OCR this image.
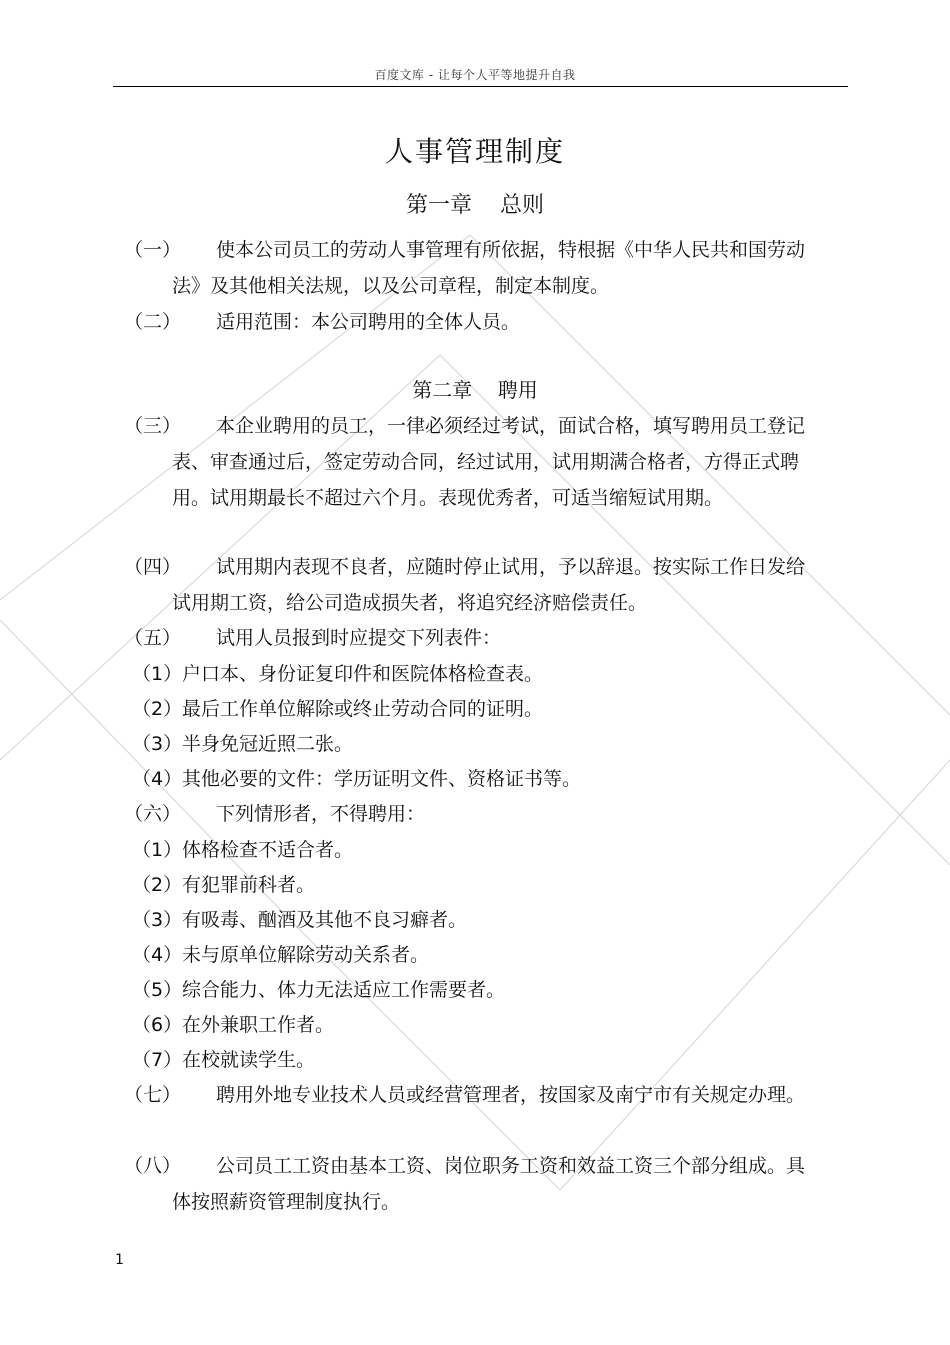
百度文库 - 让每个人平等地提升自我
人事管理制度
第一章    总则
（一）	使本公司员工的劳动人事管理有所依据，特根据《中华人民共和国劳动法》及其他相关法规，以及公司章程，制定本制度。
（二）	适用范围：本公司聘用的全体人员。
第二章    聘用
（三）	本企业聘用的员工，一律必须经过考试，面试合格，填写聘用员工登记表、审查通过后，签定劳动合同，经过试用，试用期满合格者，方得正式聘用。试用期最长不超过六个月。表现优秀者，可适当缩短试用期。
（四）	试用期内表现不良者，应随时停止试用，予以辞退。按实际工作日发给试用期工资，给公司造成损失者，将追究经济赔偿责任。
（五）	试用人员报到时应提交下列表件：
（1）户口本、身份证复印件和医院体格检查表。
（2）最后工作单位解除或终止劳动合同的证明。
（3）半身免冠近照二张。
（4）其他必要的文件：学历证明文件、资格证书等。
（六）	下列情形者，不得聘用：
（1）体格检查不适合者。
（2）有犯罪前科者。
（3）有吸毒、酗酒及其他不良习癖者。
（4）未与原单位解除劳动关系者。
（5）综合能力、体力无法适应工作需要者。
（6）在外兼职工作者。
（7）在校就读学生。
（七）	聘用外地专业技术人员或经营管理者，按国家及南宁市有关规定办理。
（八）	公司员工工资由基本工资、岗位职务工资和效益工资三个部分组成。具体按照薪资管理制度执行。
1
